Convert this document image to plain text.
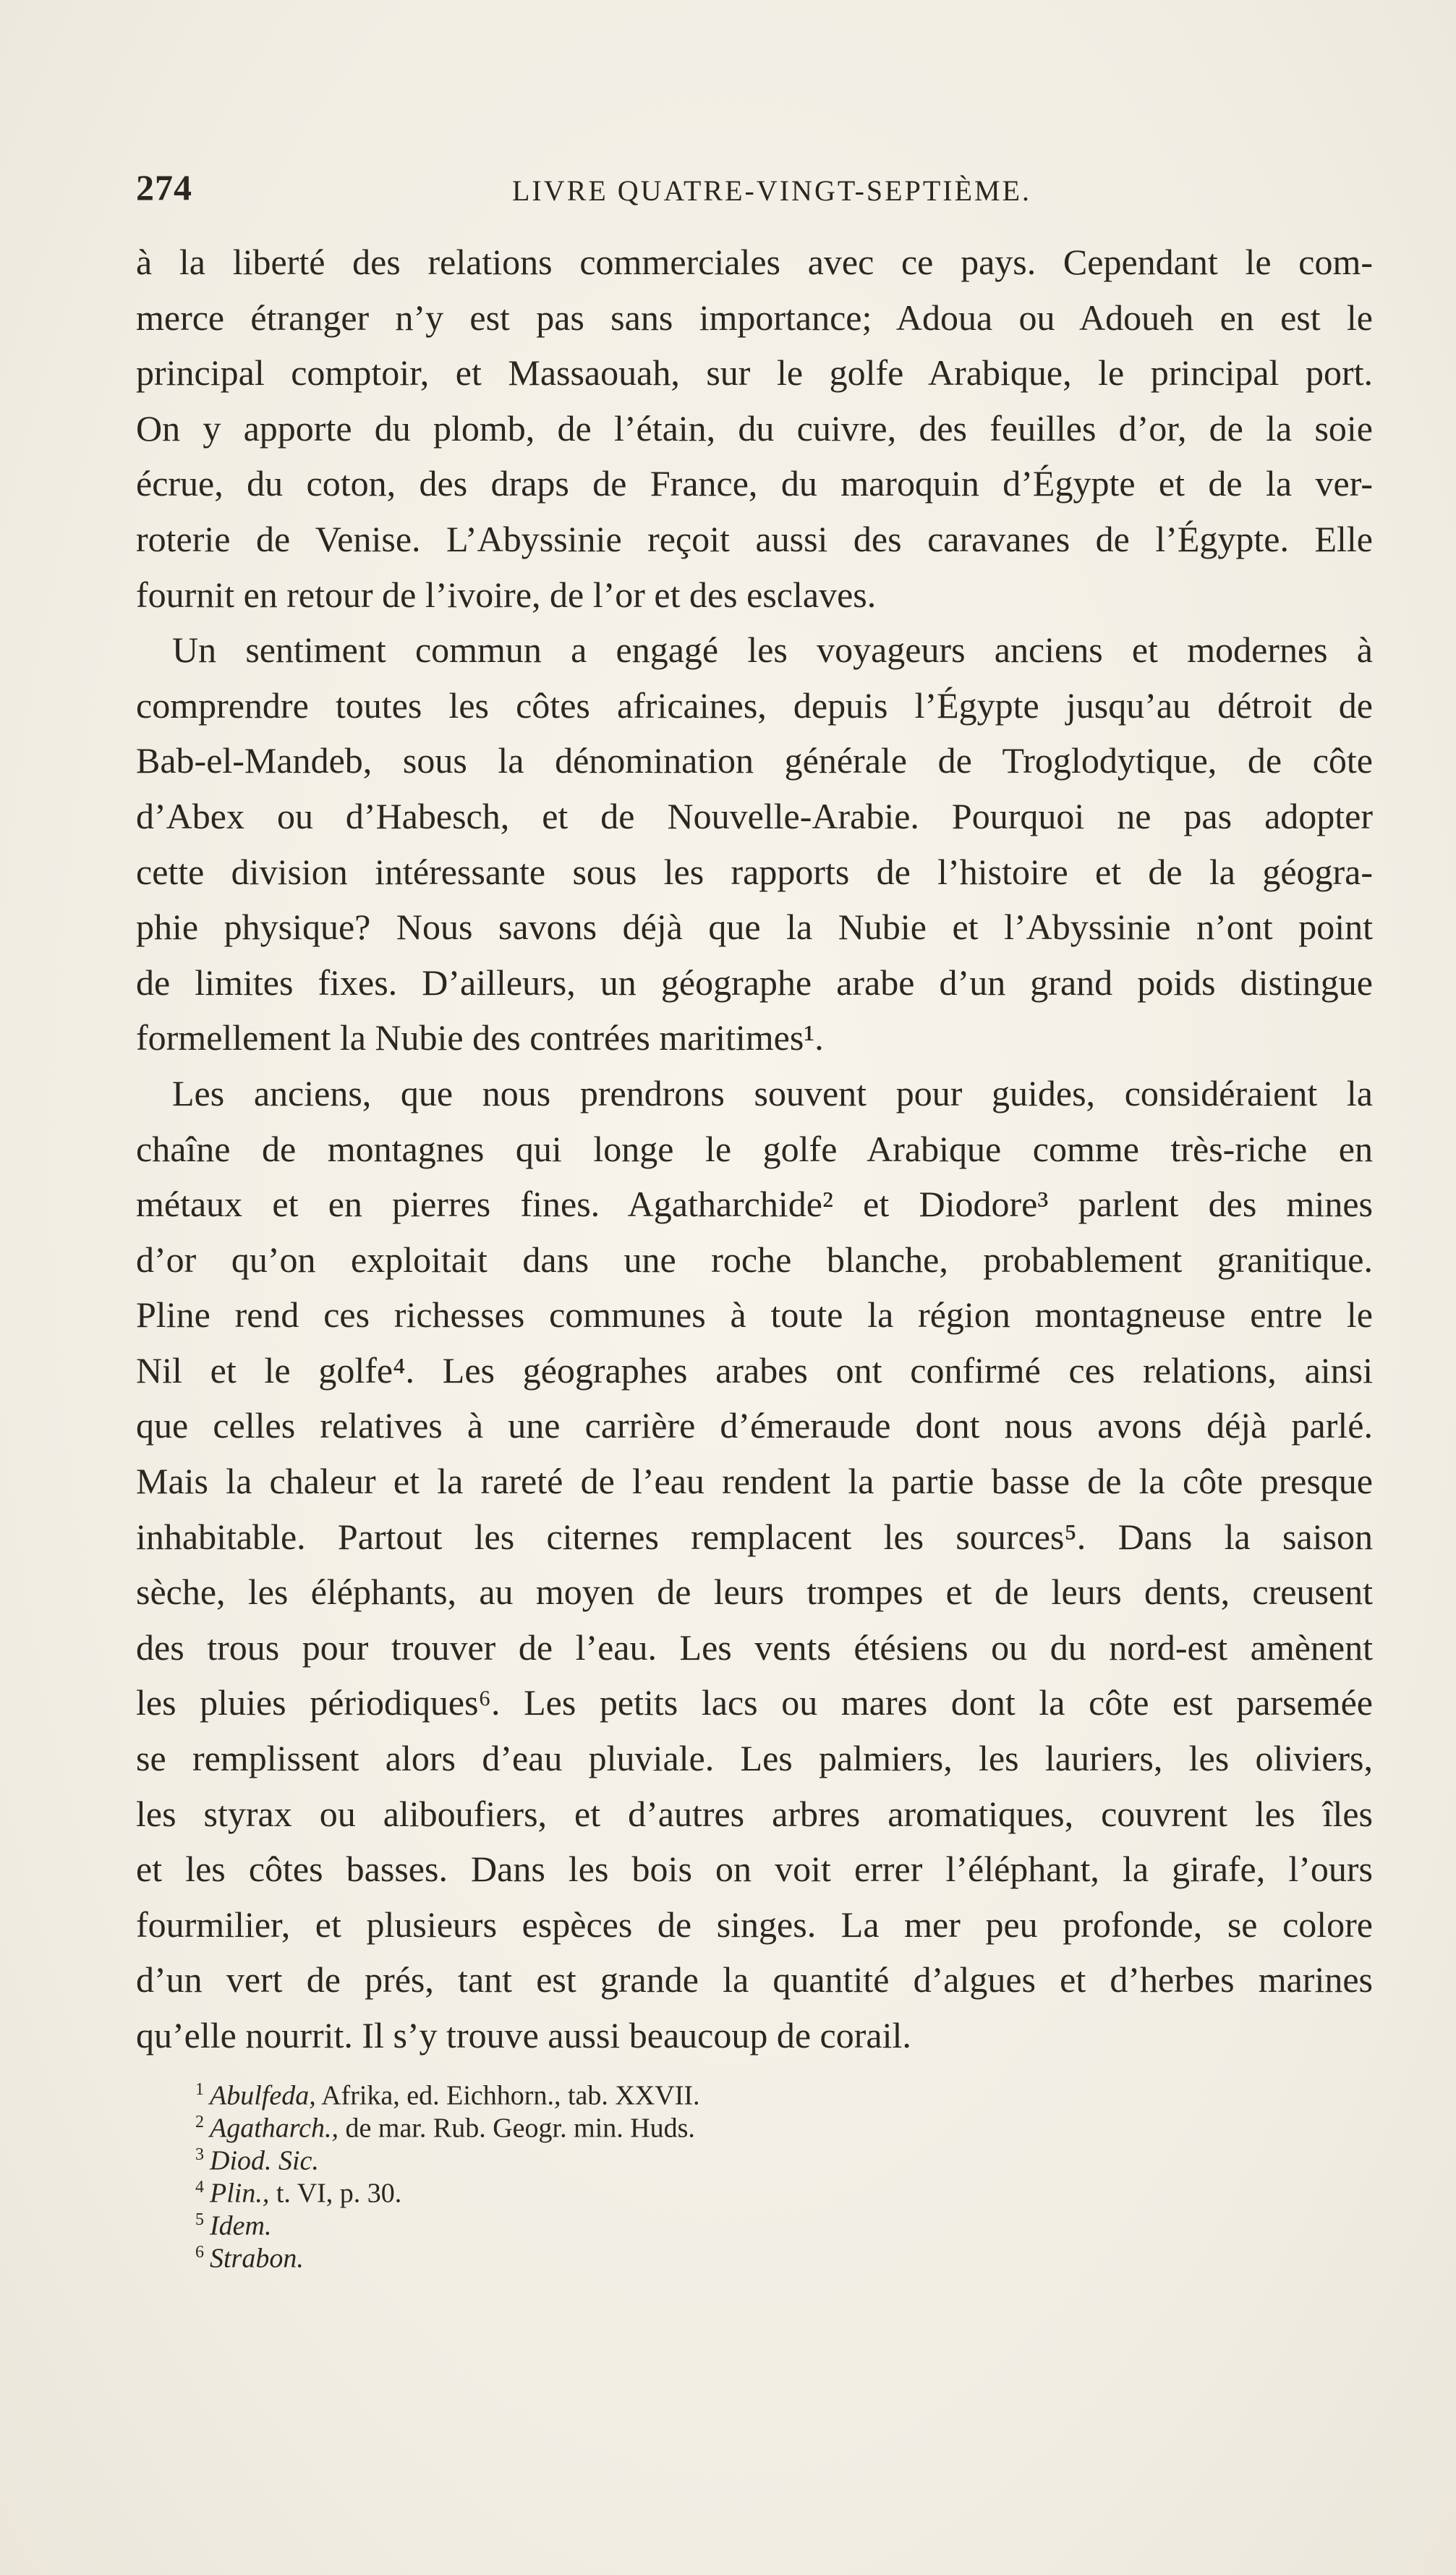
274	LIVRE QUATRE-VINGT-SEPTIÈME.
à la liberté des relations commerciales avec ce pays. Cependant le com-
merce étranger n’y est pas sans importance; Adoua ou Adoueh en est le
principal comptoir, et Massaouah, sur le golfe Arabique, le principal port.
On y apporte du plomb, de l’étain, du cuivre, des feuilles d’or, de la soie
écrue, du coton, des draps de France, du maroquin d’Égypte et de la ver-
roterie de Venise. L’Abyssinie reçoit aussi des caravanes de l’Égypte. Elle
fournit en retour de l’ivoire, de l’or et des esclaves.
Un sentiment commun a engagé les voyageurs anciens et modernes à
comprendre toutes les côtes africaines, depuis l’Égypte jusqu’au détroit de
Bab-el-Mandeb, sous la dénomination générale de Troglodytique, de côte
d’Abex ou d’Habesch, et de Nouvelle-Arabie. Pourquoi ne pas adopter
cette division intéressante sous les rapports de l’histoire et de la géogra-
phie physique? Nous savons déjà que la Nubie et l’Abyssinie n’ont point
de limites fixes. D’ailleurs, un géographe arabe d’un grand poids distingue
formellement la Nubie des contrées maritimes¹.
Les anciens, que nous prendrons souvent pour guides, considéraient la
chaîne de montagnes qui longe le golfe Arabique comme très-riche en
métaux et en pierres fines. Agatharchide² et Diodore³ parlent des mines
d’or qu’on exploitait dans une roche blanche, probablement granitique.
Pline rend ces richesses communes à toute la région montagneuse entre le
Nil et le golfe⁴. Les géographes arabes ont confirmé ces relations, ainsi
que celles relatives à une carrière d’émeraude dont nous avons déjà parlé.
Mais la chaleur et la rareté de l’eau rendent la partie basse de la côte presque
inhabitable. Partout les citernes remplacent les sources⁵. Dans la saison
sèche, les éléphants, au moyen de leurs trompes et de leurs dents, creusent
des trous pour trouver de l’eau. Les vents étésiens ou du nord-est amènent
les pluies périodiques⁶. Les petits lacs ou mares dont la côte est parsemée
se remplissent alors d’eau pluviale. Les palmiers, les lauriers, les oliviers,
les styrax ou aliboufiers, et d’autres arbres aromatiques, couvrent les îles
et les côtes basses. Dans les bois on voit errer l’éléphant, la girafe, l’ours
fourmilier, et plusieurs espèces de singes. La mer peu profonde, se colore
d’un vert de prés, tant est grande la quantité d’algues et d’herbes marines
qu’elle nourrit. Il s’y trouve aussi beaucoup de corail.
$^1$ Abulfeda, Afrika, ed. Eichhorn., tab. XXVII.
$^2$ Agatharch., de mar. Rub. Geogr. min. Huds.
$^3$ Diod. Sic.
$^4$ Plin., t. VI, p. 30.
$^5$ Idem.
$^6$ Strabon.
